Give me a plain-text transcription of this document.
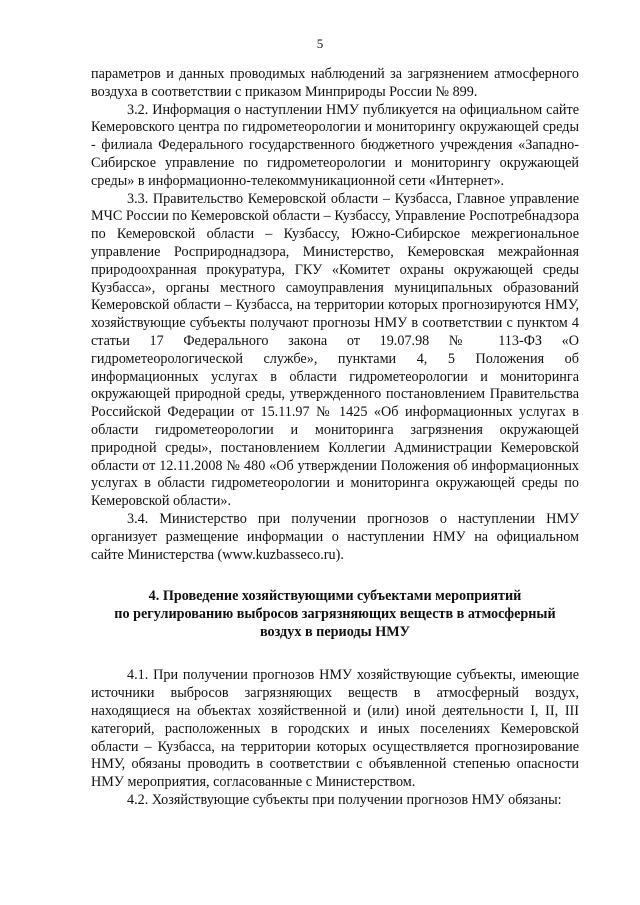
5

параметров и данных проводимых наблюдений за загрязнением атмосферного воздуха в соответствии с приказом Минприроды России № 899.

3.2. Информация о наступлении НМУ публикуется на официальном сайте Кемеровского центра по гидрометеорологии и мониторингу окружающей среды - филиала Федерального государственного бюджетного учреждения «Западно-Сибирское управление по гидрометеорологии и мониторингу окружающей среды» в информационно-телекоммуникационной сети «Интернет».

3.3. Правительство Кемеровской области – Кузбасса, Главное управление МЧС России по Кемеровской области – Кузбассу, Управление Роспотребнадзора по Кемеровской области – Кузбассу, Южно-Сибирское межрегиональное управление Росприроднадзора, Министерство, Кемеровская межрайонная природоохранная прокуратура, ГКУ «Комитет охраны окружающей среды Кузбасса», органы местного самоуправления муниципальных образований Кемеровской области – Кузбасса, на территории которых прогнозируются НМУ, хозяйствующие субъекты получают прогнозы НМУ в соответствии с пунктом 4 статьи 17 Федерального закона от 19.07.98 № 113-ФЗ «О гидрометеорологической службе», пунктами 4, 5 Положения об информационных услугах в области гидрометеорологии и мониторинга окружающей природной среды, утвержденного постановлением Правительства Российской Федерации от 15.11.97 № 1425 «Об информационных услугах в области гидрометеорологии и мониторинга загрязнения окружающей природной среды», постановлением Коллегии Администрации Кемеровской области от 12.11.2008 № 480 «Об утверждении Положения об информационных услугах в области гидрометеорологии и мониторинга окружающей среды по Кемеровской области».

3.4. Министерство при получении прогнозов о наступлении НМУ организует размещение информации о наступлении НМУ на официальном сайте Министерства (www.kuzbasseco.ru).

4. Проведение хозяйствующими субъектами мероприятий
по регулированию выбросов загрязняющих веществ в атмосферный
воздух в периоды НМУ

4.1. При получении прогнозов НМУ хозяйствующие субъекты, имеющие источники выбросов загрязняющих веществ в атмосферный воздух, находящиеся на объектах хозяйственной и (или) иной деятельности I, II, III категорий, расположенных в городских и иных поселениях Кемеровской области – Кузбасса, на территории которых осуществляется прогнозирование НМУ, обязаны проводить в соответствии с объявленной степенью опасности НМУ мероприятия, согласованные с Министерством.

4.2. Хозяйствующие субъекты при получении прогнозов НМУ обязаны:
